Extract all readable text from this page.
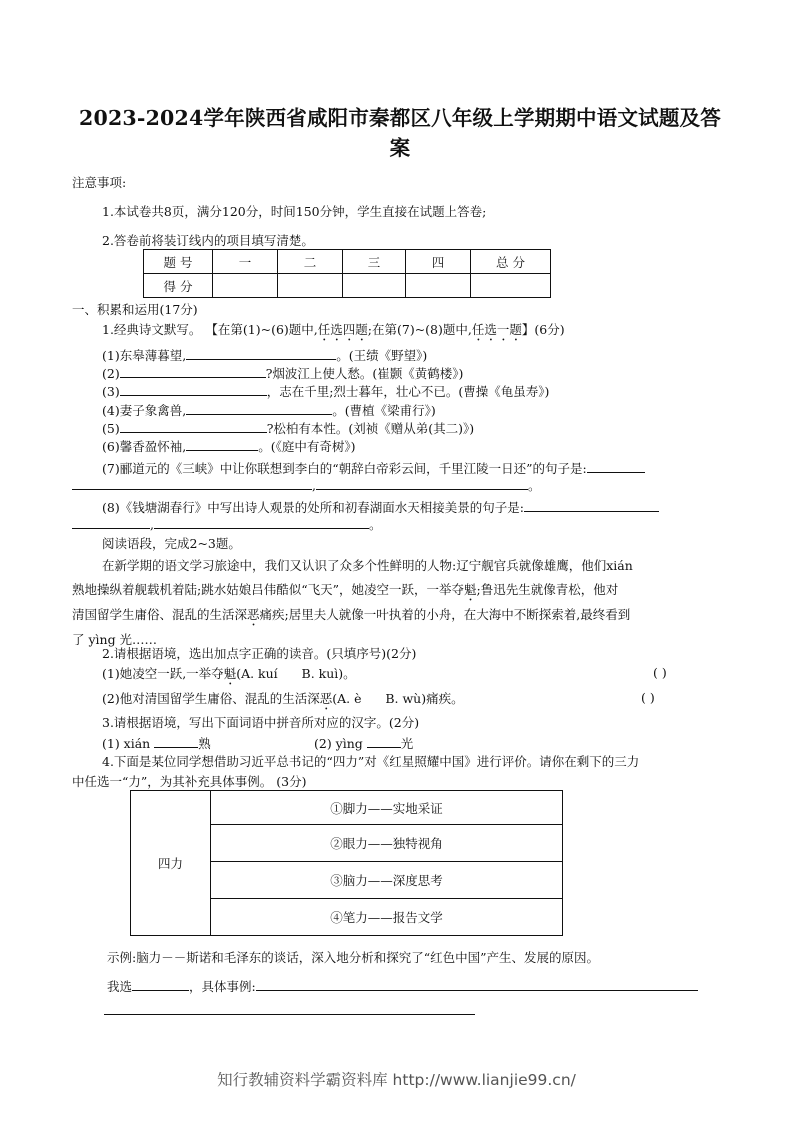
2023-2024学年陕西省咸阳市秦都区八年级上学期期中语文试题及答
案
注意事项:
1.本试卷共8页，满分120分，时间150分钟，学生直接在试题上答卷;
2.答卷前将装订线内的项目填写清楚。
题 号	一	二	三	四	总 分
得 分					
一、积累和运用(17分)
1.经典诗文默写。 【在第(1)~(6)题中,任选四题;在第(7)~(8)题中,任选一题】(6分)
(1)东皋薄暮望,	。(王绩《野望》)
(2)	?烟波江上使人愁。(崔颢《黄鹤楼》)
(3)	，志在千里;烈士暮年，壮心不已。(曹操《龟虽寿》)
(4)妻子象禽兽,	。(曹植《梁甫行》)
(5)	?松柏有本性。(刘祯《赠从弟(其二)》)
(6)馨香盈怀袖,	。(《庭中有奇树》)
(7)郦道元的《三峡》中让你联想到李白的“朝辞白帝彩云间，千里江陵一日还”的句子是:
,	。
(8)《钱塘湖春行》中写出诗人观景的处所和初春湖面水天相接美景的句子是:
,	。
阅读语段，完成2~3题。
在新学期的语文学习旅途中，我们又认识了众多个性鲜明的人物:辽宁舰官兵就像雄鹰，他们xián
熟地操纵着舰载机着陆;跳水姑娘吕伟酷似“飞天”，她凌空一跃，一举夺魁;鲁迅先生就像青松，他对
清国留学生庸俗、混乱的生活深恶痛疾;居里夫人就像一叶执着的小舟，在大海中不断探索着,最终看到
了 yìng 光……
2.请根据语境，选出加点字正确的读音。(只填序号)(2分)
(1)她凌空一跃,一举夺魁(A. kuí      B. kuì)。	( )
(2)他对清国留学生庸俗、混乱的生活深恶(A. è      B. wù)痛疾。	( )
3.请根据语境，写出下面词语中拼音所对应的汉字。(2分)
(1) xián	熟	(2) yìng	光
4.下面是某位同学想借助习近平总书记的“四力”对《红星照耀中国》进行评价。请你在剩下的三力
中任选一“力”，为其补充具体事例。 (3分)
四力	①脚力——实地采证
②眼力——独特视角
③脑力——深度思考
④笔力——报告文学
示例:脑力－－斯诺和毛泽东的谈话，深入地分析和探究了“红色中国”产生、发展的原因。
我选	，具体事例:
知行教辅资料学霸资料库 http://www.lianjie99.cn/
